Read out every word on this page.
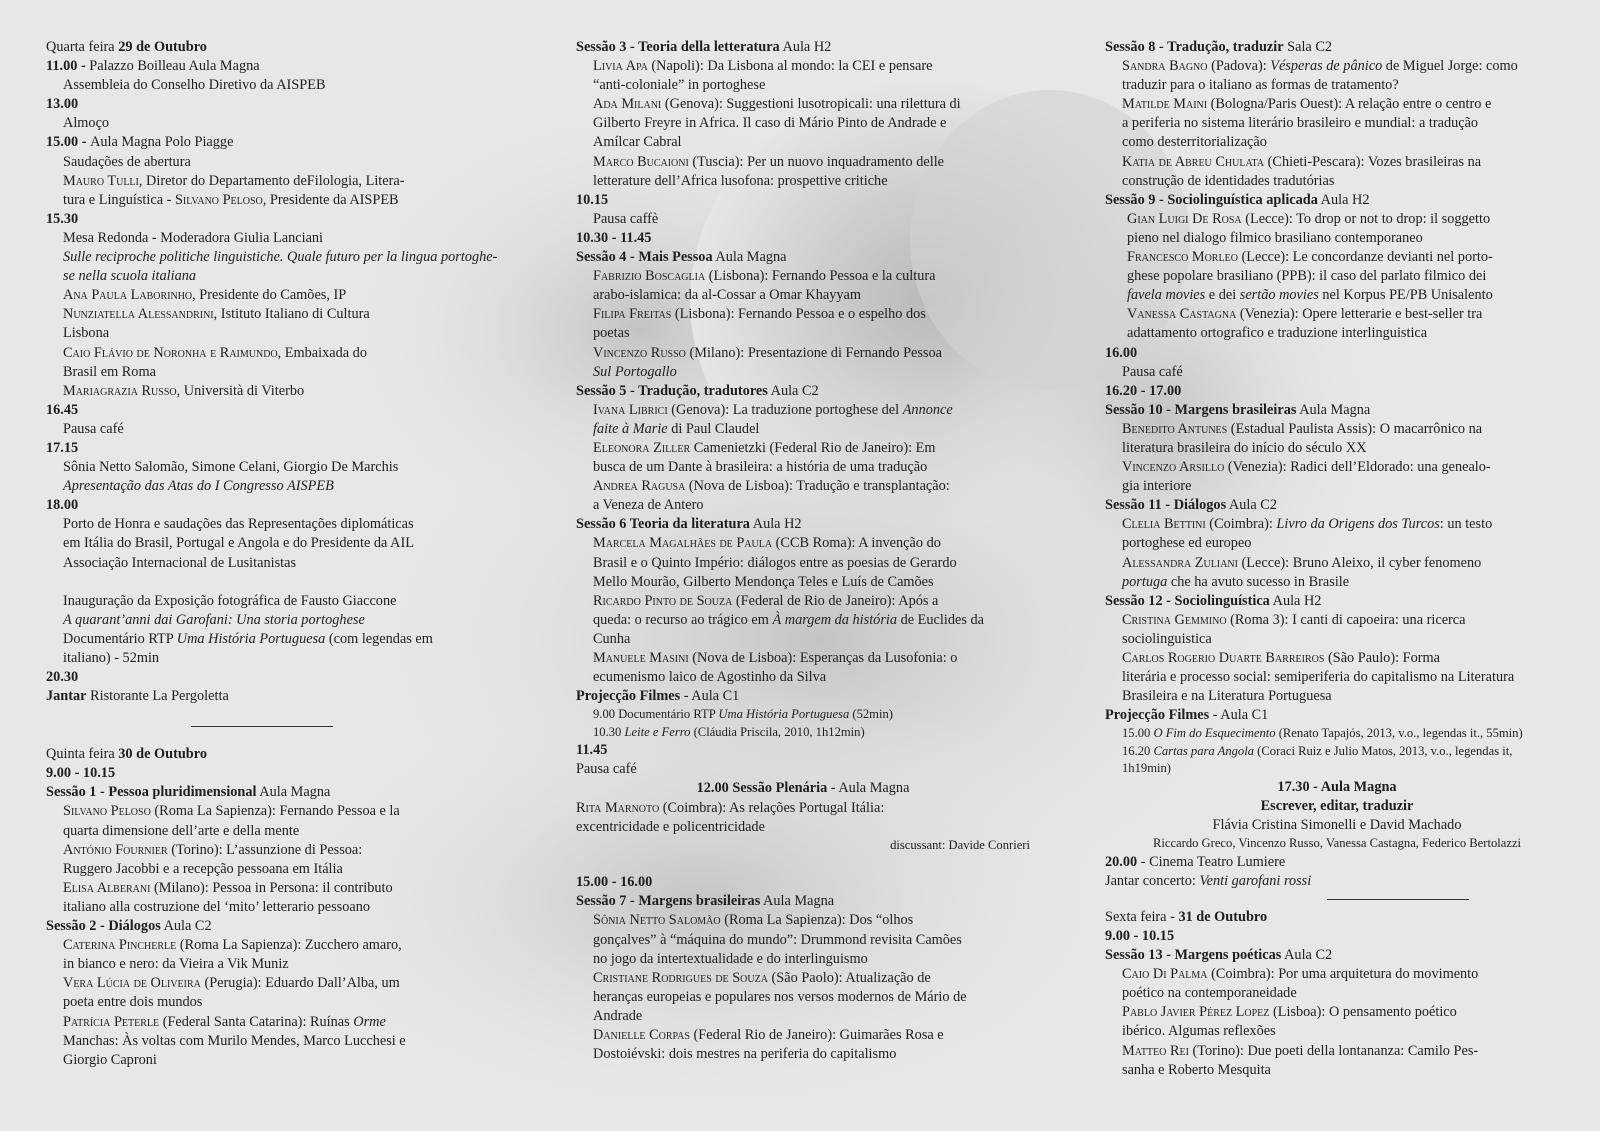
Quarta feira 29 de Outubro
11.00 - Palazzo Boilleau Aula Magna
Assembleia do Conselho Diretivo da AISPEB
13.00
Almoço
15.00 - Aula Magna Polo Piagge
Saudações de abertura
Mauro Tulli, Diretor do Departamento deFilologia, Litera-
tura e Linguística - Silvano Peloso, Presidente da AISPEB
15.30
Mesa Redonda - Moderadora Giulia Lanciani
Sulle reciproche politiche linguistiche. Quale futuro per la lingua portoghe-
se nella scuola italiana
Ana Paula Laborinho, Presidente do Camões, IP
Nunziatella Alessandrini, Istituto Italiano di Cultura
Lisbona
Caio Flávio de Noronha e Raimundo, Embaixada do
Brasil em Roma
Mariagrazia Russo, Università di Viterbo
16.45
Pausa café
17.15
Sônia Netto Salomão, Simone Celani, Giorgio De Marchis
Apresentação das Atas do I Congresso AISPEB
18.00
Porto de Honra e saudações das Representações diplomáticas
em Itália do Brasil, Portugal e Angola e do Presidente da AIL
Associação Internacional de Lusitanistas
Inauguração da Exposição fotográfica de Fausto Giaccone
A quarant’anni dai Garofani: Una storia portoghese
Documentário RTP Uma História Portuguesa (com legendas em
italiano) - 52min
20.30
Jantar Ristorante La Pergoletta
Quinta feira 30 de Outubro
9.00 - 10.15
Sessão 1 - Pessoa pluridimensional Aula Magna
Silvano Peloso (Roma La Sapienza): Fernando Pessoa e la
quarta dimensione dell’arte e della mente
António Fournier (Torino): L’assunzione di Pessoa:
Ruggero Jacobbi e a recepção pessoana em Itália
Elisa Alberani (Milano): Pessoa in Persona: il contributo
italiano alla costruzione del ‘mito’ letterario pessoano
Sessão 2 - Diálogos Aula C2
Caterina Pincherle (Roma La Sapienza): Zucchero amaro,
in bianco e nero: da Vieira a Vik Muniz
Vera Lúcia de Oliveira (Perugia): Eduardo Dall’Alba, um
poeta entre dois mundos
Patrícia Peterle (Federal Santa Catarina): Ruínas Orme
Manchas: Às voltas com Murilo Mendes, Marco Lucchesi e
Giorgio Caproni
Sessão 3 - Teoria della letteratura Aula H2
Livia Apa (Napoli): Da Lisbona al mondo: la CEI e pensare
“anti-coloniale” in portoghese
Ada Milani (Genova): Suggestioni lusotropicali: una rilettura di
Gilberto Freyre in Africa. Il caso di Mário Pinto de Andrade e
Amílcar Cabral
Marco Bucaioni (Tuscia): Per un nuovo inquadramento delle
letterature dell’Africa lusofona: prospettive critiche
10.15
Pausa caffè
10.30 - 11.45
Sessão 4 - Mais Pessoa Aula Magna
Fabrizio Boscaglia (Lisbona): Fernando Pessoa e la cultura
arabo-islamica: da al-Cossar a Omar Khayyam
Filipa Freitas (Lisbona): Fernando Pessoa e o espelho dos
poetas
Vincenzo Russo (Milano): Presentazione di Fernando Pessoa
Sul Portogallo
Sessão 5 - Tradução, tradutores Aula C2
Ivana Librici (Genova): La traduzione portoghese del Annonce
faite à Marie di Paul Claudel
Eleonora Ziller Camenietzki (Federal Rio de Janeiro): Em
busca de um Dante à brasileira: a história de uma tradução
Andrea Ragusa (Nova de Lisboa): Tradução e transplantação:
a Veneza de Antero
Sessão 6 Teoria da literatura Aula H2
Marcela Magalhães de Paula (CCB Roma): A invenção do
Brasil e o Quinto Império: diálogos entre as poesias de Gerardo
Mello Mourão, Gilberto Mendonça Teles e Luís de Camões
Ricardo Pinto de Souza (Federal de Rio de Janeiro): Após a
queda: o recurso ao trágico em À margem da história de Euclides da
Cunha
Manuele Masini (Nova de Lisboa): Esperanças da Lusofonia: o
ecumenismo laico de Agostinho da Silva
Projecção Filmes - Aula C1
9.00 Documentário RTP Uma História Portuguesa (52min)
10.30 Leite e Ferro (Cláudia Priscila, 2010, 1h12min)
11.45
Pausa café
12.00 Sessão Plenária - Aula Magna
Rita Marnoto (Coimbra): As relações Portugal Itália:
excentricidade e policentricidade
discussant: Davide Conrieri
15.00 - 16.00
Sessão 7 - Margens brasileiras Aula Magna
Sônia Netto Salomão (Roma La Sapienza): Dos “olhos
gonçalves” à “máquina do mundo”: Drummond revisita Camões
no jogo da intertextualidade e do interlinguismo
Cristiane Rodrigues de Souza (São Paolo): Atualização de
heranças europeias e populares nos versos modernos de Mário de
Andrade
Danielle Corpas (Federal Rio de Janeiro): Guimarães Rosa e
Dostoiévski: dois mestres na periferia do capitalismo
Sessão 8 - Tradução, traduzir Sala C2
Sandra Bagno (Padova): Vésperas de pânico de Miguel Jorge: como
traduzir para o italiano as formas de tratamento?
Matilde Maini (Bologna/Paris Ouest): A relação entre o centro e
a periferia no sistema literário brasileiro e mundial: a tradução
como desterritorialização
Katia de Abreu Chulata (Chieti-Pescara): Vozes brasileiras na
construção de identidades tradutórias
Sessão 9 - Sociolinguística aplicada Aula H2
Gian Luigi De Rosa (Lecce): To drop or not to drop: il soggetto
pieno nel dialogo filmico brasiliano contemporaneo
Francesco Morleo (Lecce): Le concordanze devianti nel porto-
ghese popolare brasiliano (PPB): il caso del parlato filmico dei
favela movies e dei sertão movies nel Korpus PE/PB Unisalento
Vanessa Castagna (Venezia): Opere letterarie e best-seller tra
adattamento ortografico e traduzione interlinguistica
16.00
Pausa café
16.20 - 17.00
Sessão 10 - Margens brasileiras Aula Magna
Benedito Antunes (Estadual Paulista Assis): O macarrônico na
literatura brasileira do início do século XX
Vincenzo Arsillo (Venezia): Radici dell’Eldorado: una genealo-
gia interiore
Sessão 11 - Diálogos Aula C2
Clelia Bettini (Coimbra): Livro da Origens dos Turcos: un testo
portoghese ed europeo
Alessandra Zuliani (Lecce): Bruno Aleixo, il cyber fenomeno
portuga che ha avuto sucesso in Brasile
Sessão 12 - Sociolinguística Aula H2
Cristina Gemmino (Roma 3): I canti di capoeira: una ricerca
sociolinguistica
Carlos Rogerio Duarte Barreiros (São Paulo): Forma
literária e processo social: semiperiferia do capitalismo na Literatura
Brasileira e na Literatura Portuguesa
Projecção Filmes - Aula C1
15.00 O Fim do Esquecimento (Renato Tapajós, 2013, v.o., legendas it., 55min)
16.20 Cartas para Angola (Coraci Ruiz e Julio Matos, 2013, v.o., legendas it,
1h19min)
17.30 - Aula Magna
Escrever, editar, traduzir
Flávia Cristina Simonelli e David Machado
Riccardo Greco, Vincenzo Russo, Vanessa Castagna, Federico Bertolazzi
20.00 - Cinema Teatro Lumiere
Jantar concerto: Venti garofani rossi
Sexta feira - 31 de Outubro
9.00 - 10.15
Sessão 13 - Margens poéticas Aula C2
Caio Di Palma (Coimbra): Por uma arquitetura do movimento
poético na contemporaneidade
Pablo Javier Pérez Lopez (Lisboa): O pensamento poético
ibérico. Algumas reflexões
Matteo Rei (Torino): Due poeti della lontananza: Camilo Pes-
sanha e Roberto Mesquita
